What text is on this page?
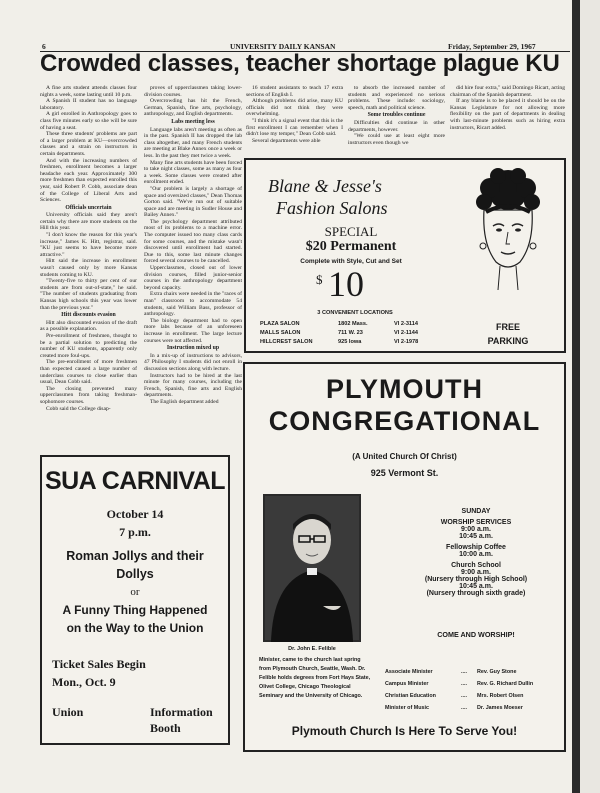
6	UNIVERSITY DAILY KANSAN	Friday, September 29, 1967
Crowded classes, teacher shortage plague KU

A fine arts student attends classes four nights a week, some lasting until 10 p.m.

A Spanish II student has no language laboratory.

A girl enrolled in Anthropology goes to class five minutes early so she will be sure of having a seat.

These three students' problems are part of a larger problem at KU—overcrowded classes and a strain on instructors in certain departments.

And with the increasing numbers of freshmen, enrollment becomes a larger headache each year. Approximately 300 more freshmen than expected enrolled this year, said Robert P. Cobb, associate dean of the College of Liberal Arts and Sciences.

Officials uncertain

University officials said they aren't certain why there are more students on the Hill this year.

"I don't know the reason for this year's increase," James K. Hitt, registrar, said. "KU just seems to have become more attractive."

Hitt said the increase in enrollment wasn't caused only by more Kansas students coming to KU.

"Twenty-five to thirty per cent of our students are from out-of-state," he said. "The number of students graduating from Kansas high schools this year was lower than the previous year."

Hitt discounts evasion

Hitt also discounted evasion of the draft as a possible explanation.

Pre-enrollment of freshmen, thought to be a partial solution to predicting the number of KU students, apparently only created more foul-ups.

The pre-enrollment of more freshmen than expected caused a large number of underclass courses to close earlier than usual, Dean Cobb said.

The closing prevented many upperclassmen from taking freshman-sophomore courses.

Cobb said the College disap-

proves of upperclassmen taking lower-division courses.

Overcrowding has hit the French, German, Spanish, fine arts, psychology, anthropology, and English departments.

Labs meeting less

Language labs aren't meeting as often as in the past. Spanish II has dropped the lab class altogether, and many French students are meeting at Blake Annex once a week or less. In the past they met twice a week.

Many fine arts students have been forced to take night classes, some as many as four a week. Some classes were created after enrollment ended.

"Our problem is largely a shortage of space and oversized classes," Dean Thomas Gorton said. "We've run out of suitable space and are meeting in Sudler House and Bailey Annex."

The psychology department attributed most of its problems to a machine error. The computer issued too many class cards for some courses, and the mistake wasn't discovered until enrollment had started. Due to this, some last minute changes forced several courses to be cancelled.

Upperclassmen, closed out of lower division courses, filled junior-senior courses in the anthropology department beyond capacity.

Extra chairs were needed in the "races of man" classroom to accommodate 54 students, said William Bass, professor of anthropology.

The biology department had to open more labs because of an unforeseen increase in enrollment. The large lecture courses were not affected.

Instruction mixed up

In a mix-up of instructions to advisors, 47 Philosophy I students did not enroll in discussion sections along with lecture.

Instructors had to be hired at the last minute for many courses, including the French, Spanish, fine arts and English departments.

The English department added

16 student assistants to teach 17 extra sections of English I.

Although problems did arise, many KU officials did not think they were overwhelming.

"I think it's a signal event that this is the first enrollment I can remember when I didn't lose my temper," Dean Cobb said.

Several departments were able

to absorb the increased number of students and experienced no serious problems. These include: sociology, speech, math and political science.

Some troubles continue

Difficulties did continue in other departments, however.

"We could use at least eight more instructors even though we

did hire four extra," said Domingo Ricart, acting chairman of the Spanish department.

If any blame is to be placed it should be on the Kansas Legislature for not allowing more flexibility on the part of departments in dealing with last-minute problems such as hiring extra instructors, Ricart added.

Blane & Jesse's
Fashion Salons
SPECIAL
$20 Permanent
Complete with Style, Cut and Set
$ 10
3 CONVENIENT LOCATIONS
PLAZA SALON	1802 Mass.	VI 2-3114
MALLS SALON	711 W. 23	VI 2-1144
HILLCREST SALON	925 Iowa	VI 2-1978
FREE
PARKING
SUA CARNIVAL
October 14
7 p.m.
Roman Jollys and their
Dollys
or
A Funny Thing Happened
on the Way to the Union
Ticket Sales Begin
Mon., Oct. 9
Union	Information
Booth
PLYMOUTH
CONGREGATIONAL
(A United Church Of Christ)
925 Vermont St.
Dr. John E. Felible
Minister, came to the church last spring from Plymouth Church, Seattle, Wash. Dr. Felible holds degrees from Fort Hays State, Olivet College, Chicago Theological Seminary and the University of Chicago.
SUNDAY
WORSHIP SERVICES
9:00 a.m.
10:45 a.m.
Fellowship Coffee
10:00 a.m.
Church School
9:00 a.m.
(Nursery through High School)
10:45 a.m.
(Nursery through sixth grade)
COME AND WORSHIP!
Associate Minister	....	Rev. Guy Stone
Campus Minister	....	Rev. G. Richard Dullin
Christian Education	....	Mrs. Robert Olsen
Minister of Music	....	Dr. James Moeser
Plymouth Church Is Here To Serve You!
